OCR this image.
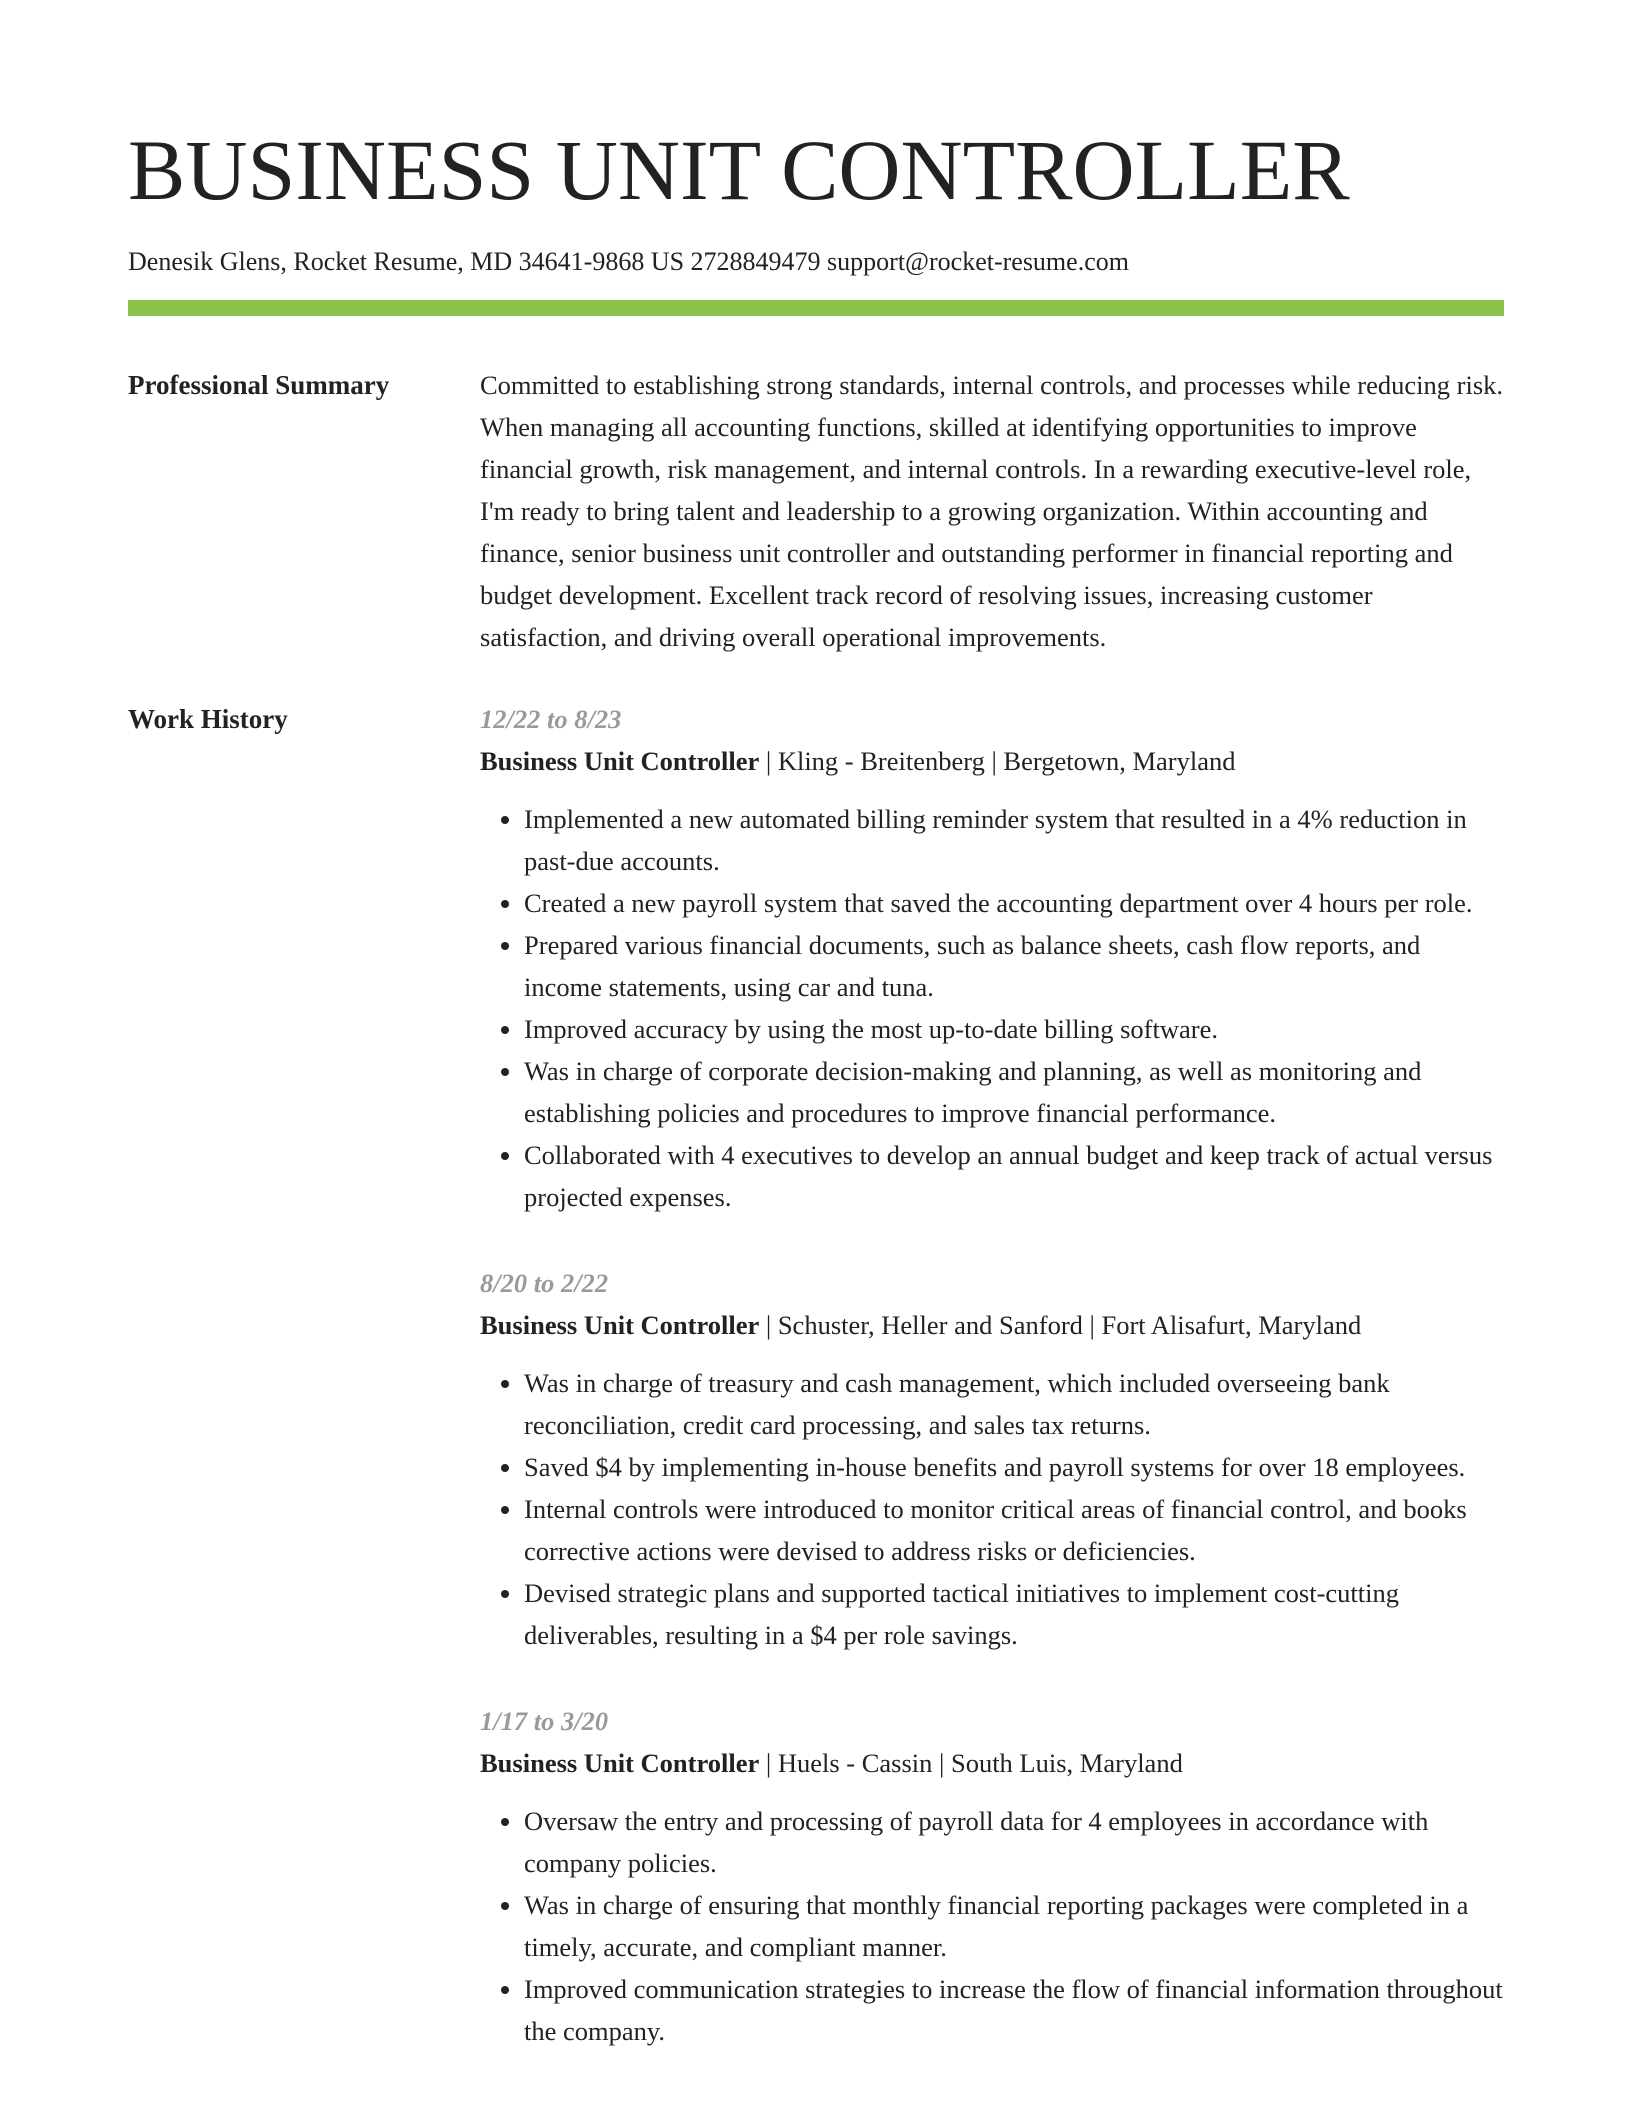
BUSINESS UNIT CONTROLLER
Denesik Glens, Rocket Resume, MD 34641-9868 US 2728849479 support@rocket-resume.com
Professional Summary	Committed to establishing strong standards, internal controls, and processes while reducing risk. When managing all accounting functions, skilled at identifying opportunities to improve financial growth, risk management, and internal controls. In a rewarding executive-level role, I'm ready to bring talent and leadership to a growing organization. Within accounting and finance, senior business unit controller and outstanding performer in financial reporting and budget development. Excellent track record of resolving issues, increasing customer satisfaction, and driving overall operational improvements.

Work History	12/22 to 8/23
Business Unit Controller | Kling - Breitenberg | Bergetown, Maryland
• Implemented a new automated billing reminder system that resulted in a 4% reduction in past-due accounts.
• Created a new payroll system that saved the accounting department over 4 hours per role.
• Prepared various financial documents, such as balance sheets, cash flow reports, and income statements, using car and tuna.
• Improved accuracy by using the most up-to-date billing software.
• Was in charge of corporate decision-making and planning, as well as monitoring and establishing policies and procedures to improve financial performance.
• Collaborated with 4 executives to develop an annual budget and keep track of actual versus projected expenses.
8/20 to 2/22
Business Unit Controller | Schuster, Heller and Sanford | Fort Alisafurt, Maryland
• Was in charge of treasury and cash management, which included overseeing bank reconciliation, credit card processing, and sales tax returns.
• Saved $4 by implementing in-house benefits and payroll systems for over 18 employees.
• Internal controls were introduced to monitor critical areas of financial control, and books corrective actions were devised to address risks or deficiencies.
• Devised strategic plans and supported tactical initiatives to implement cost-cutting deliverables, resulting in a $4 per role savings.
1/17 to 3/20
Business Unit Controller | Huels - Cassin | South Luis, Maryland
• Oversaw the entry and processing of payroll data for 4 employees in accordance with company policies.
• Was in charge of ensuring that monthly financial reporting packages were completed in a timely, accurate, and compliant manner.
• Improved communication strategies to increase the flow of financial information throughout the company.
